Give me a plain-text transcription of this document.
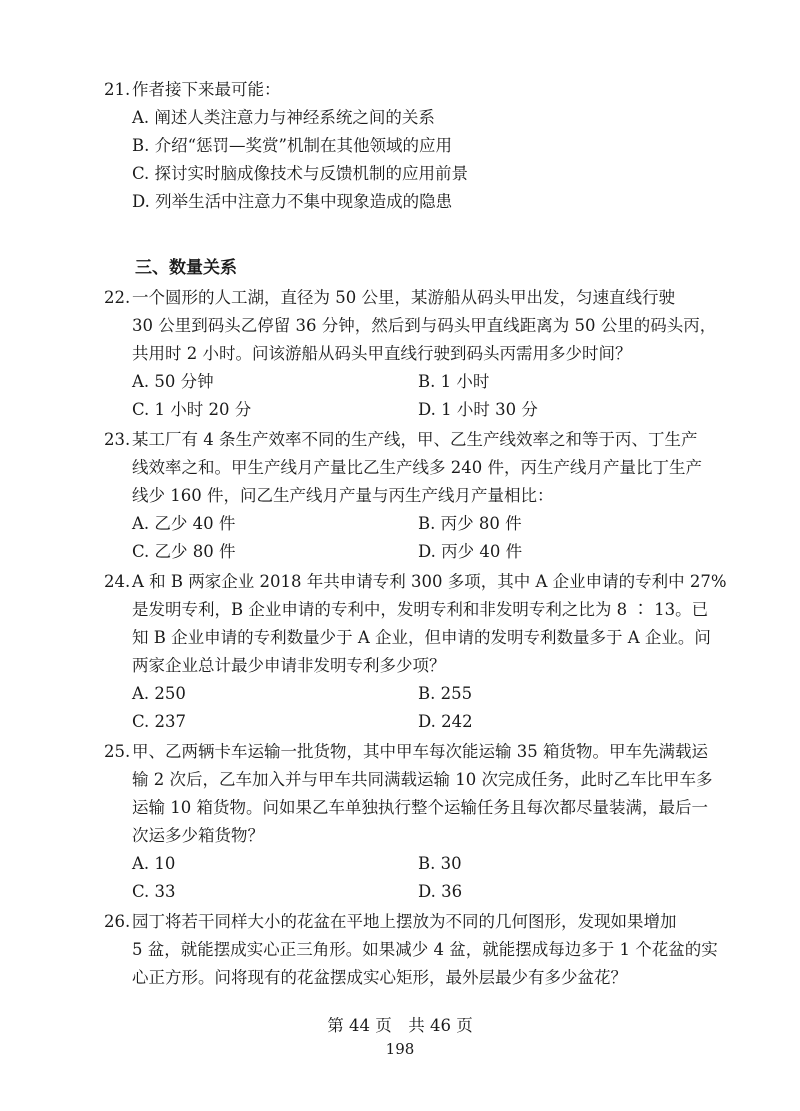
21. 作者接下来最可能：
A. 阐述人类注意力与神经系统之间的关系
B. 介绍“惩罚—奖赏”机制在其他领域的应用
C. 探讨实时脑成像技术与反馈机制的应用前景
D. 列举生活中注意力不集中现象造成的隐患
三、数量关系
22. 一个圆形的人工湖，直径为 50 公里，某游船从码头甲出发，匀速直线行驶
30 公里到码头乙停留 36 分钟，然后到与码头甲直线距离为 50 公里的码头丙，
共用时 2 小时。问该游船从码头甲直线行驶到码头丙需用多少时间？
A. 50 分钟	B. 1 小时
C. 1 小时 20 分	D. 1 小时 30 分
23. 某工厂有 4 条生产效率不同的生产线，甲、乙生产线效率之和等于丙、丁生产
线效率之和。甲生产线月产量比乙生产线多 240 件，丙生产线月产量比丁生产
线少 160 件，问乙生产线月产量与丙生产线月产量相比：
A. 乙少 40 件	B. 丙少 80 件
C. 乙少 80 件	D. 丙少 40 件
24. A 和 B 两家企业 2018 年共申请专利 300 多项，其中 A 企业申请的专利中 27%
是发明专利，B 企业申请的专利中，发明专利和非发明专利之比为 8 ∶ 13。已
知 B 企业申请的专利数量少于 A 企业，但申请的发明专利数量多于 A 企业。问
两家企业总计最少申请非发明专利多少项？
A. 250	B. 255
C. 237	D. 242
25. 甲、乙两辆卡车运输一批货物，其中甲车每次能运输 35 箱货物。甲车先满载运
输 2 次后，乙车加入并与甲车共同满载运输 10 次完成任务，此时乙车比甲车多
运输 10 箱货物。问如果乙车单独执行整个运输任务且每次都尽量装满，最后一
次运多少箱货物？
A. 10	B. 30
C. 33	D. 36
26. 园丁将若干同样大小的花盆在平地上摆放为不同的几何图形，发现如果增加
5 盆，就能摆成实心正三角形。如果减少 4 盆，就能摆成每边多于 1 个花盆的实
心正方形。问将现有的花盆摆成实心矩形，最外层最少有多少盆花？
第 44 页　共 46 页
198
